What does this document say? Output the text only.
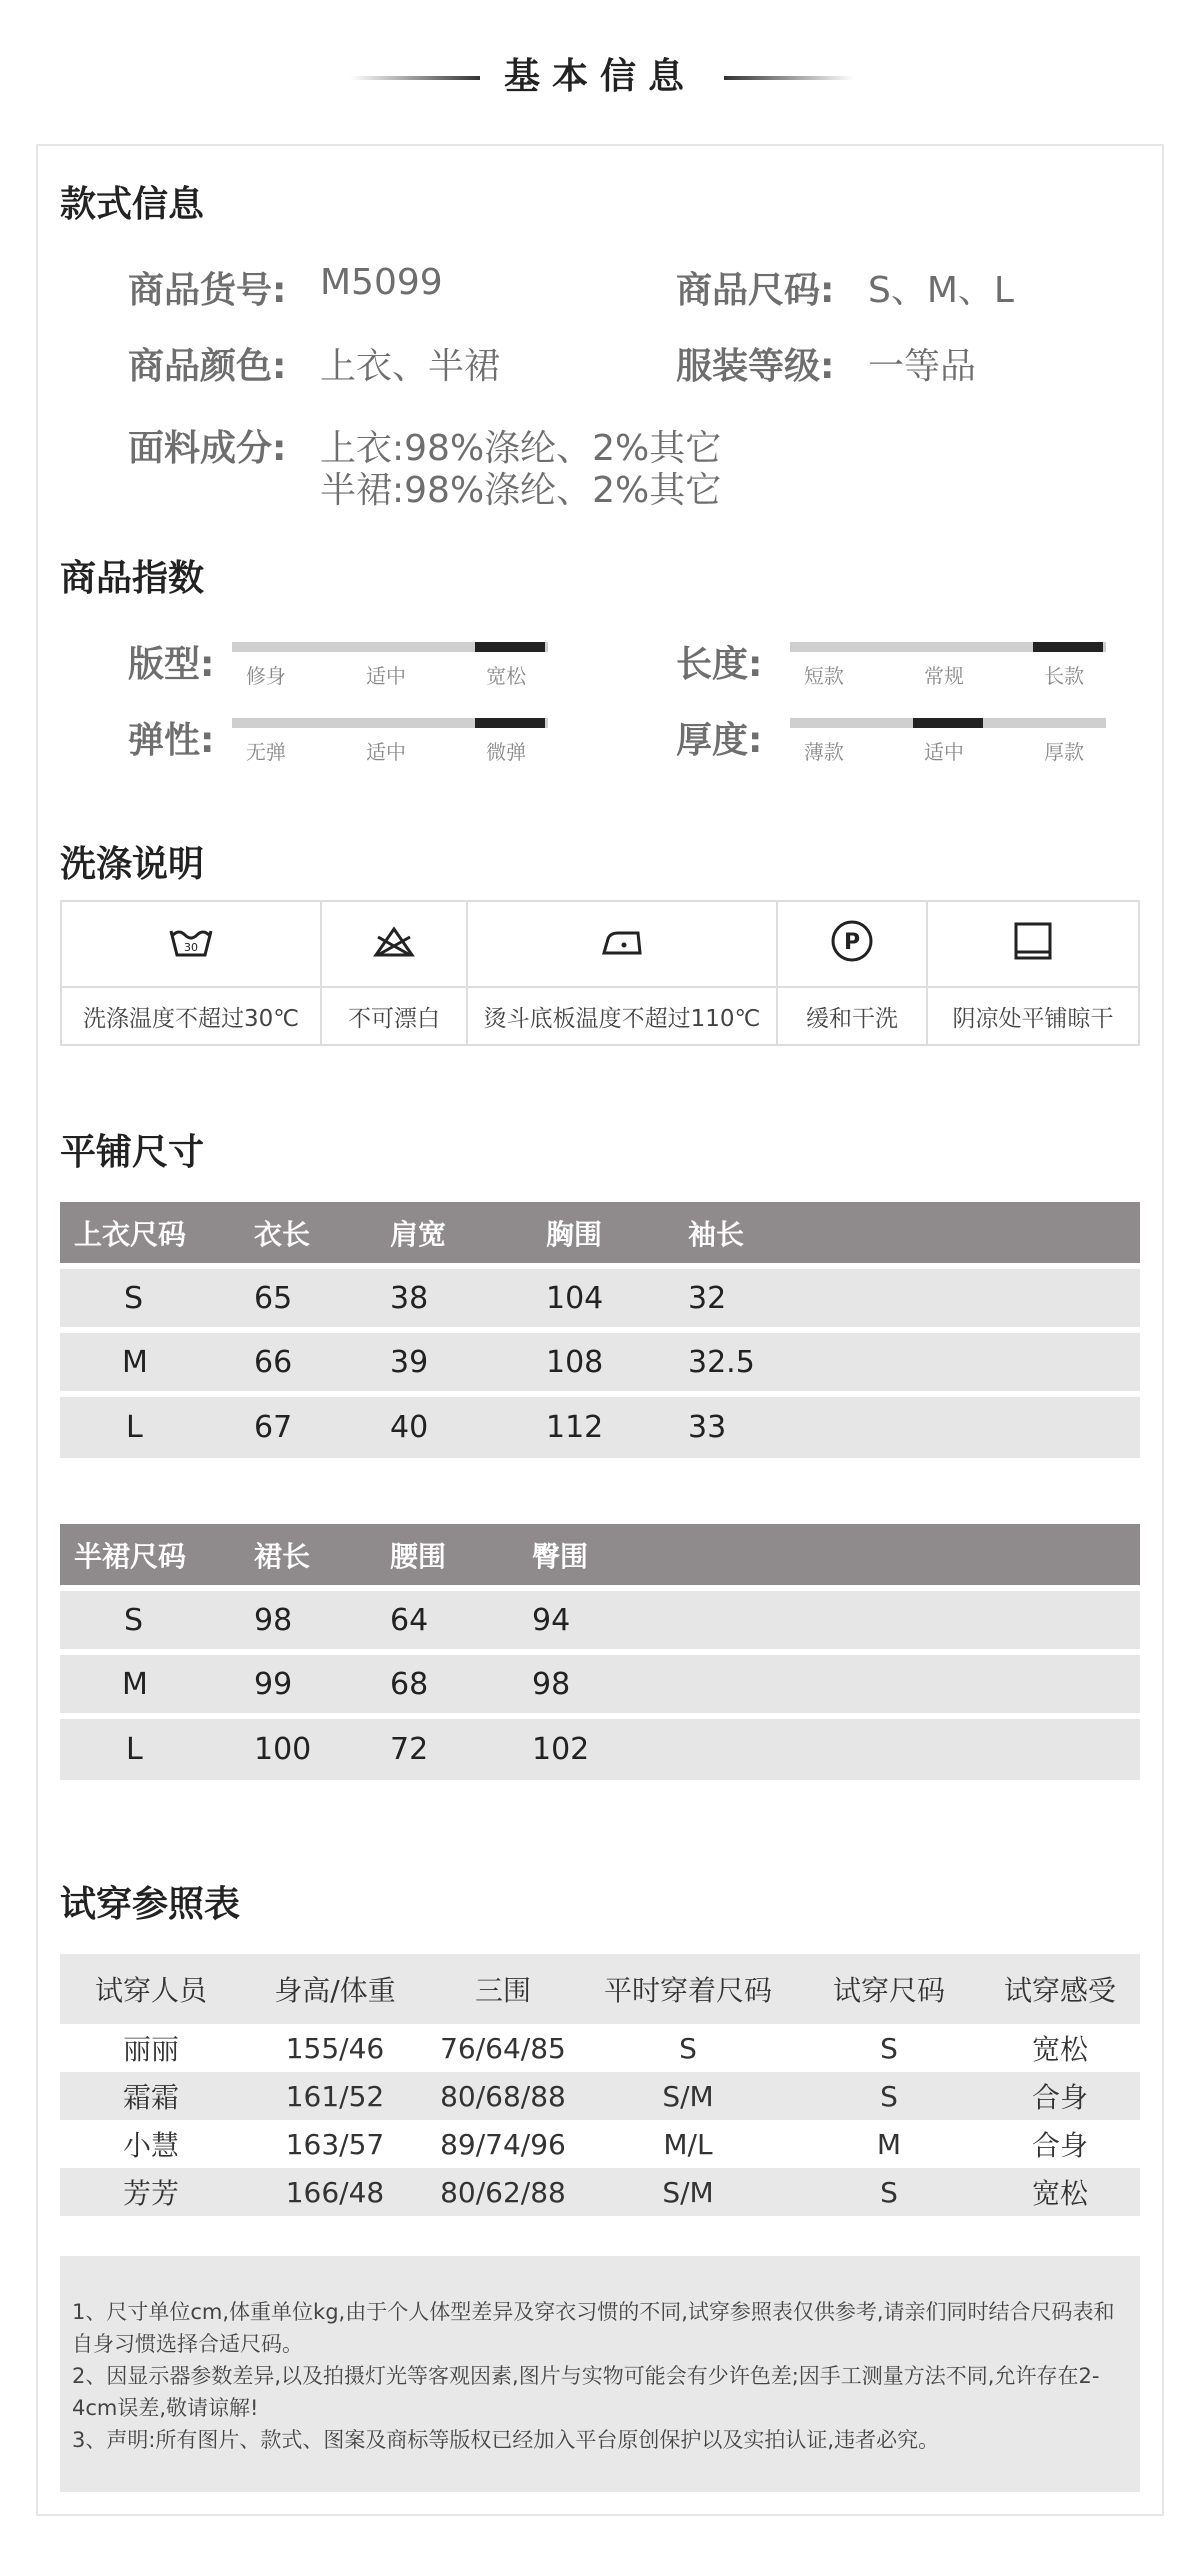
基本信息
款式信息
商品货号: M5099	商品尺码: S、M、L
商品颜色: 上衣、半裙	服装等级: 一等品
面料成分: 上衣:98%涤纶、2%其它
半裙:98%涤纶、2%其它
商品指数
版型:	长度:
弹性:	厚度:
修身	适中	宽松	短款	常规	长款
无弹	适中	微弹	薄款	适中	厚款
洗涤说明
30			P

洗涤温度不超过30℃	不可漂白	烫斗底板温度不超过110℃	缓和干洗	阴凉处平铺晾干
平铺尺寸
上衣尺码	衣长	肩宽	胸围	袖长	
S	65	38	104	32	
M	66	39	108	32.5	
L	67	40	112	33	
半裙尺码	裙长	腰围	臀围	
S	98	64	94	
M	99	68	98	
L	100	72	102	
试穿参照表
试穿人员	身高/体重	三围	平时穿着尺码	试穿尺码	试穿感受
丽丽	155/46	76/64/85	S	S	宽松
霜霜	161/52	80/68/88	S/M	S	合身
小慧	163/57	89/74/96	M/L	M	合身
芳芳	166/48	80/62/88	S/M	S	宽松
1、尺寸单位cm,体重单位kg,由于个人体型差异及穿衣习惯的不同,试穿参照表仅供参考,请亲们同时结合尺码表和自身习惯选择合适尺码。
2、因显示器参数差异,以及拍摄灯光等客观因素,图片与实物可能会有少许色差;因手工测量方法不同,允许存在2-4cm误差,敬请谅解!
3、声明:所有图片、款式、图案及商标等版权已经加入平台原创保护以及实拍认证,违者必究。
